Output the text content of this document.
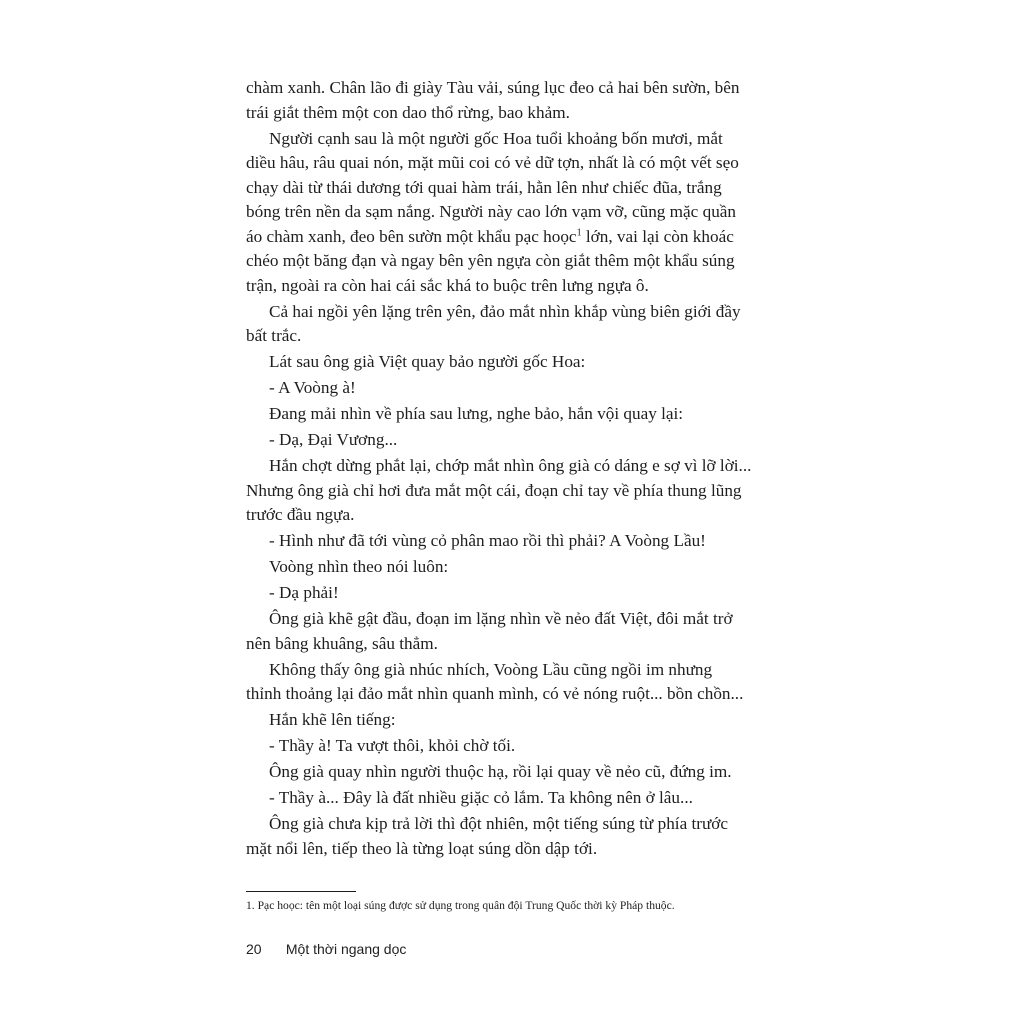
chàm xanh. Chân lão đi giày Tàu vải, súng lục đeo cả hai bên sườn, bên
trái giắt thêm một con dao thổ rừng, bao khảm.

Người cạnh sau là một người gốc Hoa tuổi khoảng bốn mươi, mắt
diều hâu, râu quai nón, mặt mũi coi có vẻ dữ tợn, nhất là có một vết sẹo
chạy dài từ thái dương tới quai hàm trái, hằn lên như chiếc đũa, trắng
bóng trên nền da sạm nắng. Người này cao lớn vạm vỡ, cũng mặc quần
áo chàm xanh, đeo bên sườn một khẩu pạc hoọc$^1$ lớn, vai lại còn khoác
chéo một băng đạn và ngay bên yên ngựa còn giắt thêm một khẩu súng
trận, ngoài ra còn hai cái sắc khá to buộc trên lưng ngựa ô.

Cả hai ngồi yên lặng trên yên, đảo mắt nhìn khắp vùng biên giới đầy
bất trắc.

Lát sau ông già Việt quay bảo người gốc Hoa:

- A Voòng à!

Đang mải nhìn về phía sau lưng, nghe bảo, hắn vội quay lại:

- Dạ, Đại Vương...

Hắn chợt dừng phắt lại, chớp mắt nhìn ông già có dáng e sợ vì lỡ lời...
Nhưng ông già chỉ hơi đưa mắt một cái, đoạn chỉ tay về phía thung lũng
trước đầu ngựa.

- Hình như đã tới vùng cỏ phân mao rồi thì phải? A Voòng Lầu!

Voòng nhìn theo nói luôn:

- Dạ phải!

Ông già khẽ gật đầu, đoạn im lặng nhìn về nẻo đất Việt, đôi mắt trở
nên bâng khuâng, sâu thẳm.

Không thấy ông già nhúc nhích, Voòng Lầu cũng ngồi im nhưng
thỉnh thoảng lại đảo mắt nhìn quanh mình, có vẻ nóng ruột... bồn chồn...

Hắn khẽ lên tiếng:

- Thầy à! Ta vượt thôi, khỏi chờ tối.

Ông già quay nhìn người thuộc hạ, rồi lại quay về nẻo cũ, đứng im.

- Thầy à... Đây là đất nhiều giặc cỏ lắm. Ta không nên ở lâu...

Ông già chưa kịp trả lời thì đột nhiên, một tiếng súng từ phía trước
mặt nổi lên, tiếp theo là từng loạt súng dồn dập tới.

1. Pạc hoọc: tên một loại súng được sử dụng trong quân đội Trung Quốc thời kỳ Pháp thuộc.
20 Một thời ngang dọc
